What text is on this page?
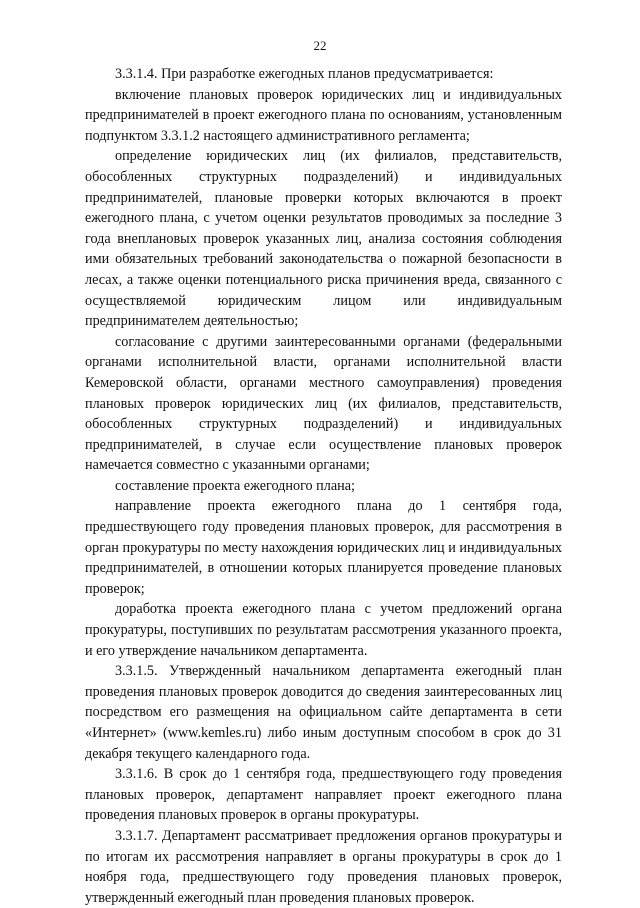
22

3.3.1.4. При разработке ежегодных планов предусматривается:

включение плановых проверок юридических лиц и индивидуальных предпринимателей в проект ежегодного плана по основаниям, установленным подпунктом 3.3.1.2 настоящего административного регламента;

определение юридических лиц (их филиалов, представительств, обособленных структурных подразделений) и индивидуальных предпринимателей, плановые проверки которых включаются в проект ежегодного плана, с учетом оценки результатов проводимых за последние 3 года внеплановых проверок указанных лиц, анализа состояния соблюдения ими обязательных требований законодательства о пожарной безопасности в лесах, а также оценки потенциального риска причинения вреда, связанного с осуществляемой юридическим лицом или индивидуальным предпринимателем деятельностью;

согласование с другими заинтересованными органами (федеральными органами исполнительной власти, органами исполнительной власти Кемеровской области, органами местного самоуправления) проведения плановых проверок юридических лиц (их филиалов, представительств, обособленных структурных подразделений) и индивидуальных предпринимателей, в случае если осуществление плановых проверок намечается совместно с указанными органами;

составление проекта ежегодного плана;

направление проекта ежегодного плана до 1 сентября года, предшествующего году проведения плановых проверок, для рассмотрения в орган прокуратуры по месту нахождения юридических лиц и индивидуальных предпринимателей, в отношении которых планируется проведение плановых проверок;

доработка проекта ежегодного плана с учетом предложений органа прокуратуры, поступивших по результатам рассмотрения указанного проекта, и его утверждение начальником департамента.

3.3.1.5. Утвержденный начальником департамента ежегодный план проведения плановых проверок доводится до сведения заинтересованных лиц посредством его размещения на официальном сайте департамента в сети «Интернет» (www.kemles.ru) либо иным доступным способом в срок до 31 декабря текущего календарного года.

3.3.1.6. В срок до 1 сентября года, предшествующего году проведения плановых проверок, департамент направляет проект ежегодного плана проведения плановых проверок в органы прокуратуры.

3.3.1.7. Департамент рассматривает предложения органов прокуратуры и по итогам их рассмотрения направляет в органы прокуратуры в срок до 1 ноября года, предшествующего году проведения плановых проверок, утвержденный ежегодный план проведения плановых проверок.
